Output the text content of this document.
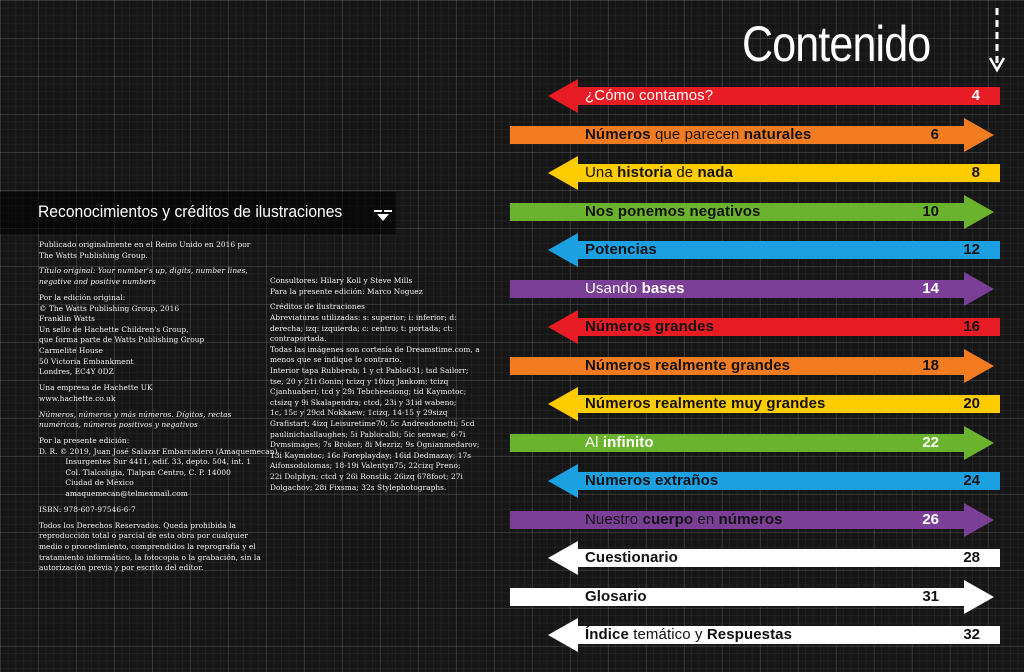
Reconocimientos y créditos de ilustraciones

Publicado originalmente en el Reino Unido en 2016 por
The Watts Publishing Group.

Título original: Your number's up, digits, number lines,
negative and positive numbers

Por la edición original:
© The Watts Publishing Group, 2016
Franklin Watts
Un sello de Hachette Children's Group,
que forma parte de Watts Publishing Group
Carmelite House
50 Victoria Embankment
Londres, EC4Y 0DZ

Una empresa de Hachette UK
www.hachette.co.uk

Números, números y más números. Dígitos, rectas
numéricas, números positivos y negativos

Por la presente edición:
D. R. © 2019, Juan José Salazar Embarcadero (Amaquemecan)
Insurgentes Sur 4411, edif. 33, depto. 504, int. 1
Col. Tlalcoligia, Tlalpan Centro, C. P. 14000
Ciudad de México
amaquemecan@telmexmail.com

ISBN: 978-607-97546-6-7

Todos los Derechos Reservados. Queda prohibida la
reproducción total o parcial de esta obra por cualquier
medio o procedimiento, comprendidos la reprografía y el
tratamiento informático, la fotocopia o la grabación, sin la
autorización previa y por escrito del editor.

Consultores: Hilary Koll y Steve Mills
Para la presente edición: Marco Noguez

Créditos de ilustraciones
Abreviaturas utilizadas: s: superior; i: inferior; d:
derecha; izq: izquierda; c: centro; t: portada; ct:
contraportada.
Todas las imágenes son cortesía de Dreamstime.com, a
menos que se indique lo contrario.
Interior tapa Rubbersb; 1 y ct Pablo631; tsd Sailorr;
tse, 20 y 21i Gonin; tcizq y 10izq Jankom; tcizq
Cjanhuaberi; tcd y 29i Tebcheesiong; tid Kaymotoc;
ctsizq y 9i Skalapendra; ctcd, 23i y 31id wabeno;
1c, 15c y 29cd Nokkaew; 1cizq, 14-15 y 29sizq
Grafistart; 4izq Leisuretime70; 5c Andreadonetti; 5cd
paulinichasllaughes; 5i Pablocalbi; 5ic senwae; 6-7i
Dvmsimages; 7s Broker; 8i Mezriz; 9s Ognianmedarov;
13i Kaymotoc; 16c Foreplayday; 16id Dedmazay; 17s
Aifonsodolomas; 18-19i Valentyn75; 22cizq Preno;
22i Dolphyn; ctcd y 26i Ronstik; 26izq 678foot; 27i
Dolgachov; 28i Fixsma; 32s Stylephotographs.

Contenido
¿Cómo contamos?	4
Números que parecen naturales	6
Una historia de nada	8
Nos ponemos negativos	10
Potencias	12
Usando bases	14
Números grandes	16
Números realmente grandes	18
Números realmente muy grandes	20
Al infinito	22
Números extraños	24
Nuestro cuerpo en números	26
Cuestionario	28
Glosario	31
Índice temático y Respuestas	32
